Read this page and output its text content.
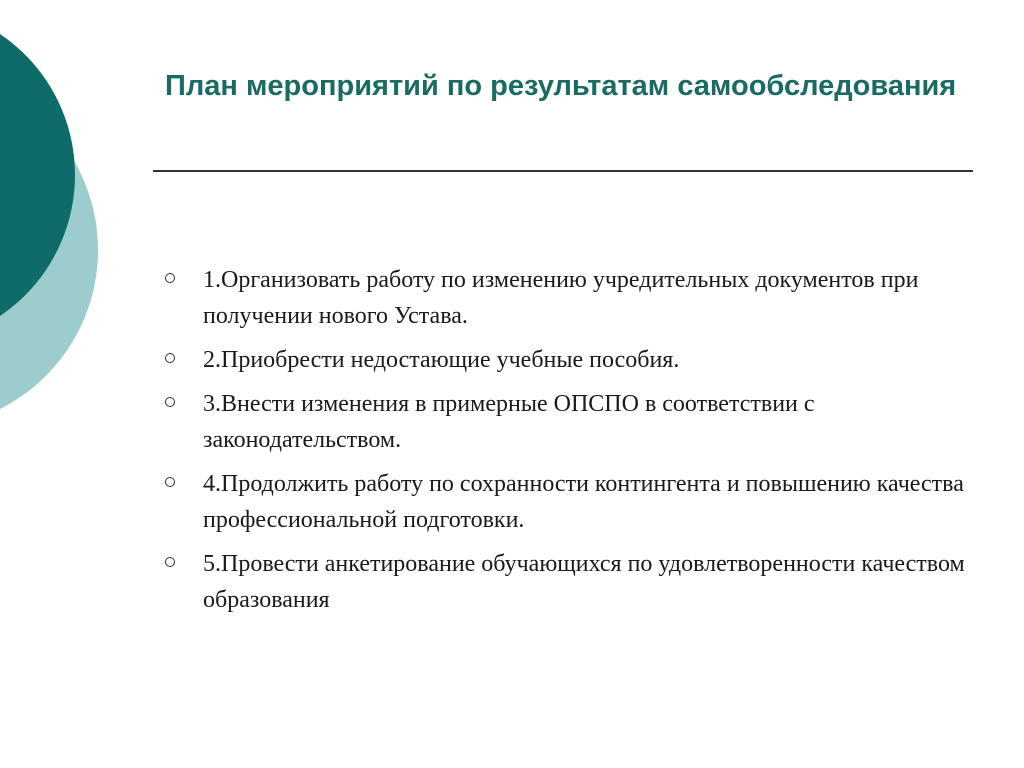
План мероприятий по результатам самообследования
1.Организовать работу по изменению учредительных документов при получении нового Устава.
2.Приобрести недостающие учебные пособия.
3.Внести изменения в примерные ОПСПО в соответствии с законодательством.
4.Продолжить работу по сохранности контингента и повышению качества профессиональной подготовки.
5.Провести анкетирование обучающихся по удовлетворенности качеством образования
